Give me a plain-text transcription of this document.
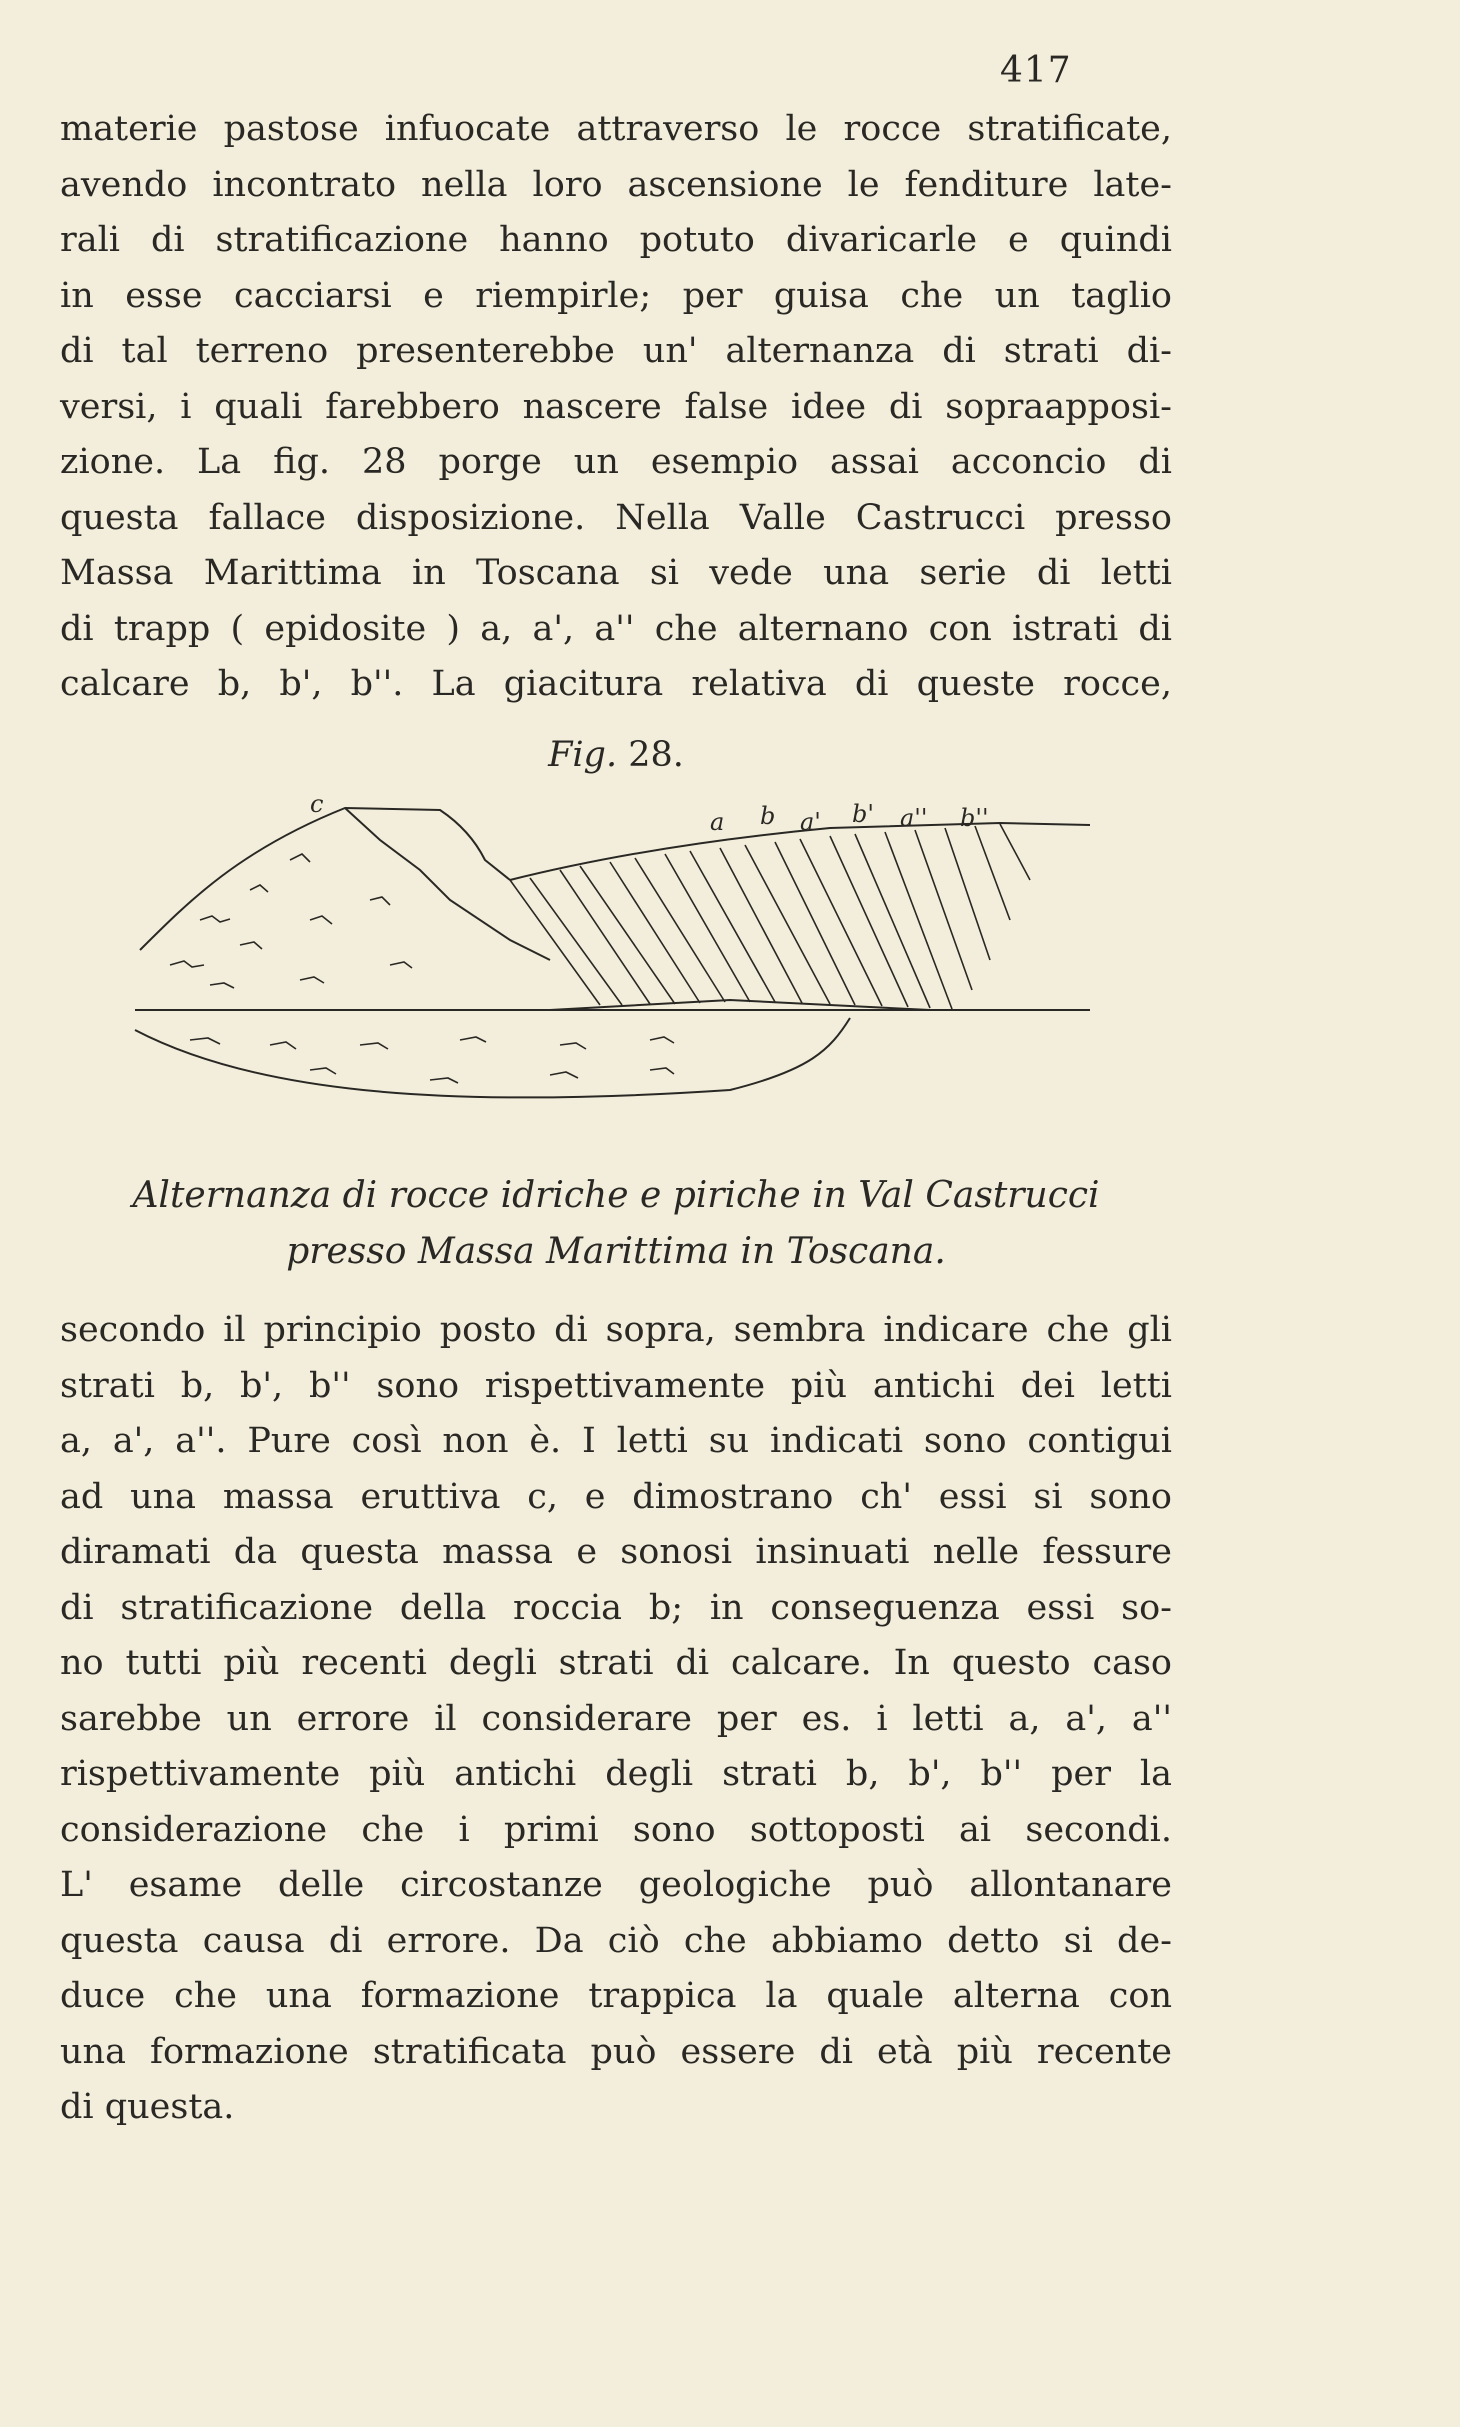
417

materie pastose infuocate attraverso le rocce stratificate,

avendo incontrato nella loro ascensione le fenditure late-

rali di stratificazione hanno potuto divaricarle e quindi

in esse cacciarsi e riempirle; per guisa che un taglio

di tal terreno presenterebbe un' alternanza di strati di-

versi, i quali farebbero nascere false idee di sopraapposi-

zione. La fig. 28 porge un esempio assai acconcio di

questa fallace disposizione. Nella Valle Castrucci presso

Massa Marittima in Toscana si vede una serie di letti

di trapp ( epidosite ) a, a', a'' che alternano con istrati di

calcare b, b', b''. La giacitura relativa di queste rocce,

Fig. 28.
c
a b a' b' a'' b''

Alternanza di rocce idriche e piriche in Val Castrucci

presso Massa Marittima in Toscana.

secondo il principio posto di sopra, sembra indicare che gli

strati b, b', b'' sono rispettivamente più antichi dei letti

a, a', a''. Pure così non è. I letti su indicati sono contigui

ad una massa eruttiva c, e dimostrano ch' essi si sono

diramati da questa massa e sonosi insinuati nelle fessure

di stratificazione della roccia b; in conseguenza essi so-

no tutti più recenti degli strati di calcare. In questo caso

sarebbe un errore il considerare per es. i letti a, a', a''

rispettivamente più antichi degli strati b, b', b'' per la

considerazione che i primi sono sottoposti ai secondi.

L' esame delle circostanze geologiche può allontanare

questa causa di errore. Da ciò che abbiamo detto si de-

duce che una formazione trappica la quale alterna con

una formazione stratificata può essere di età più recente

di questa.
